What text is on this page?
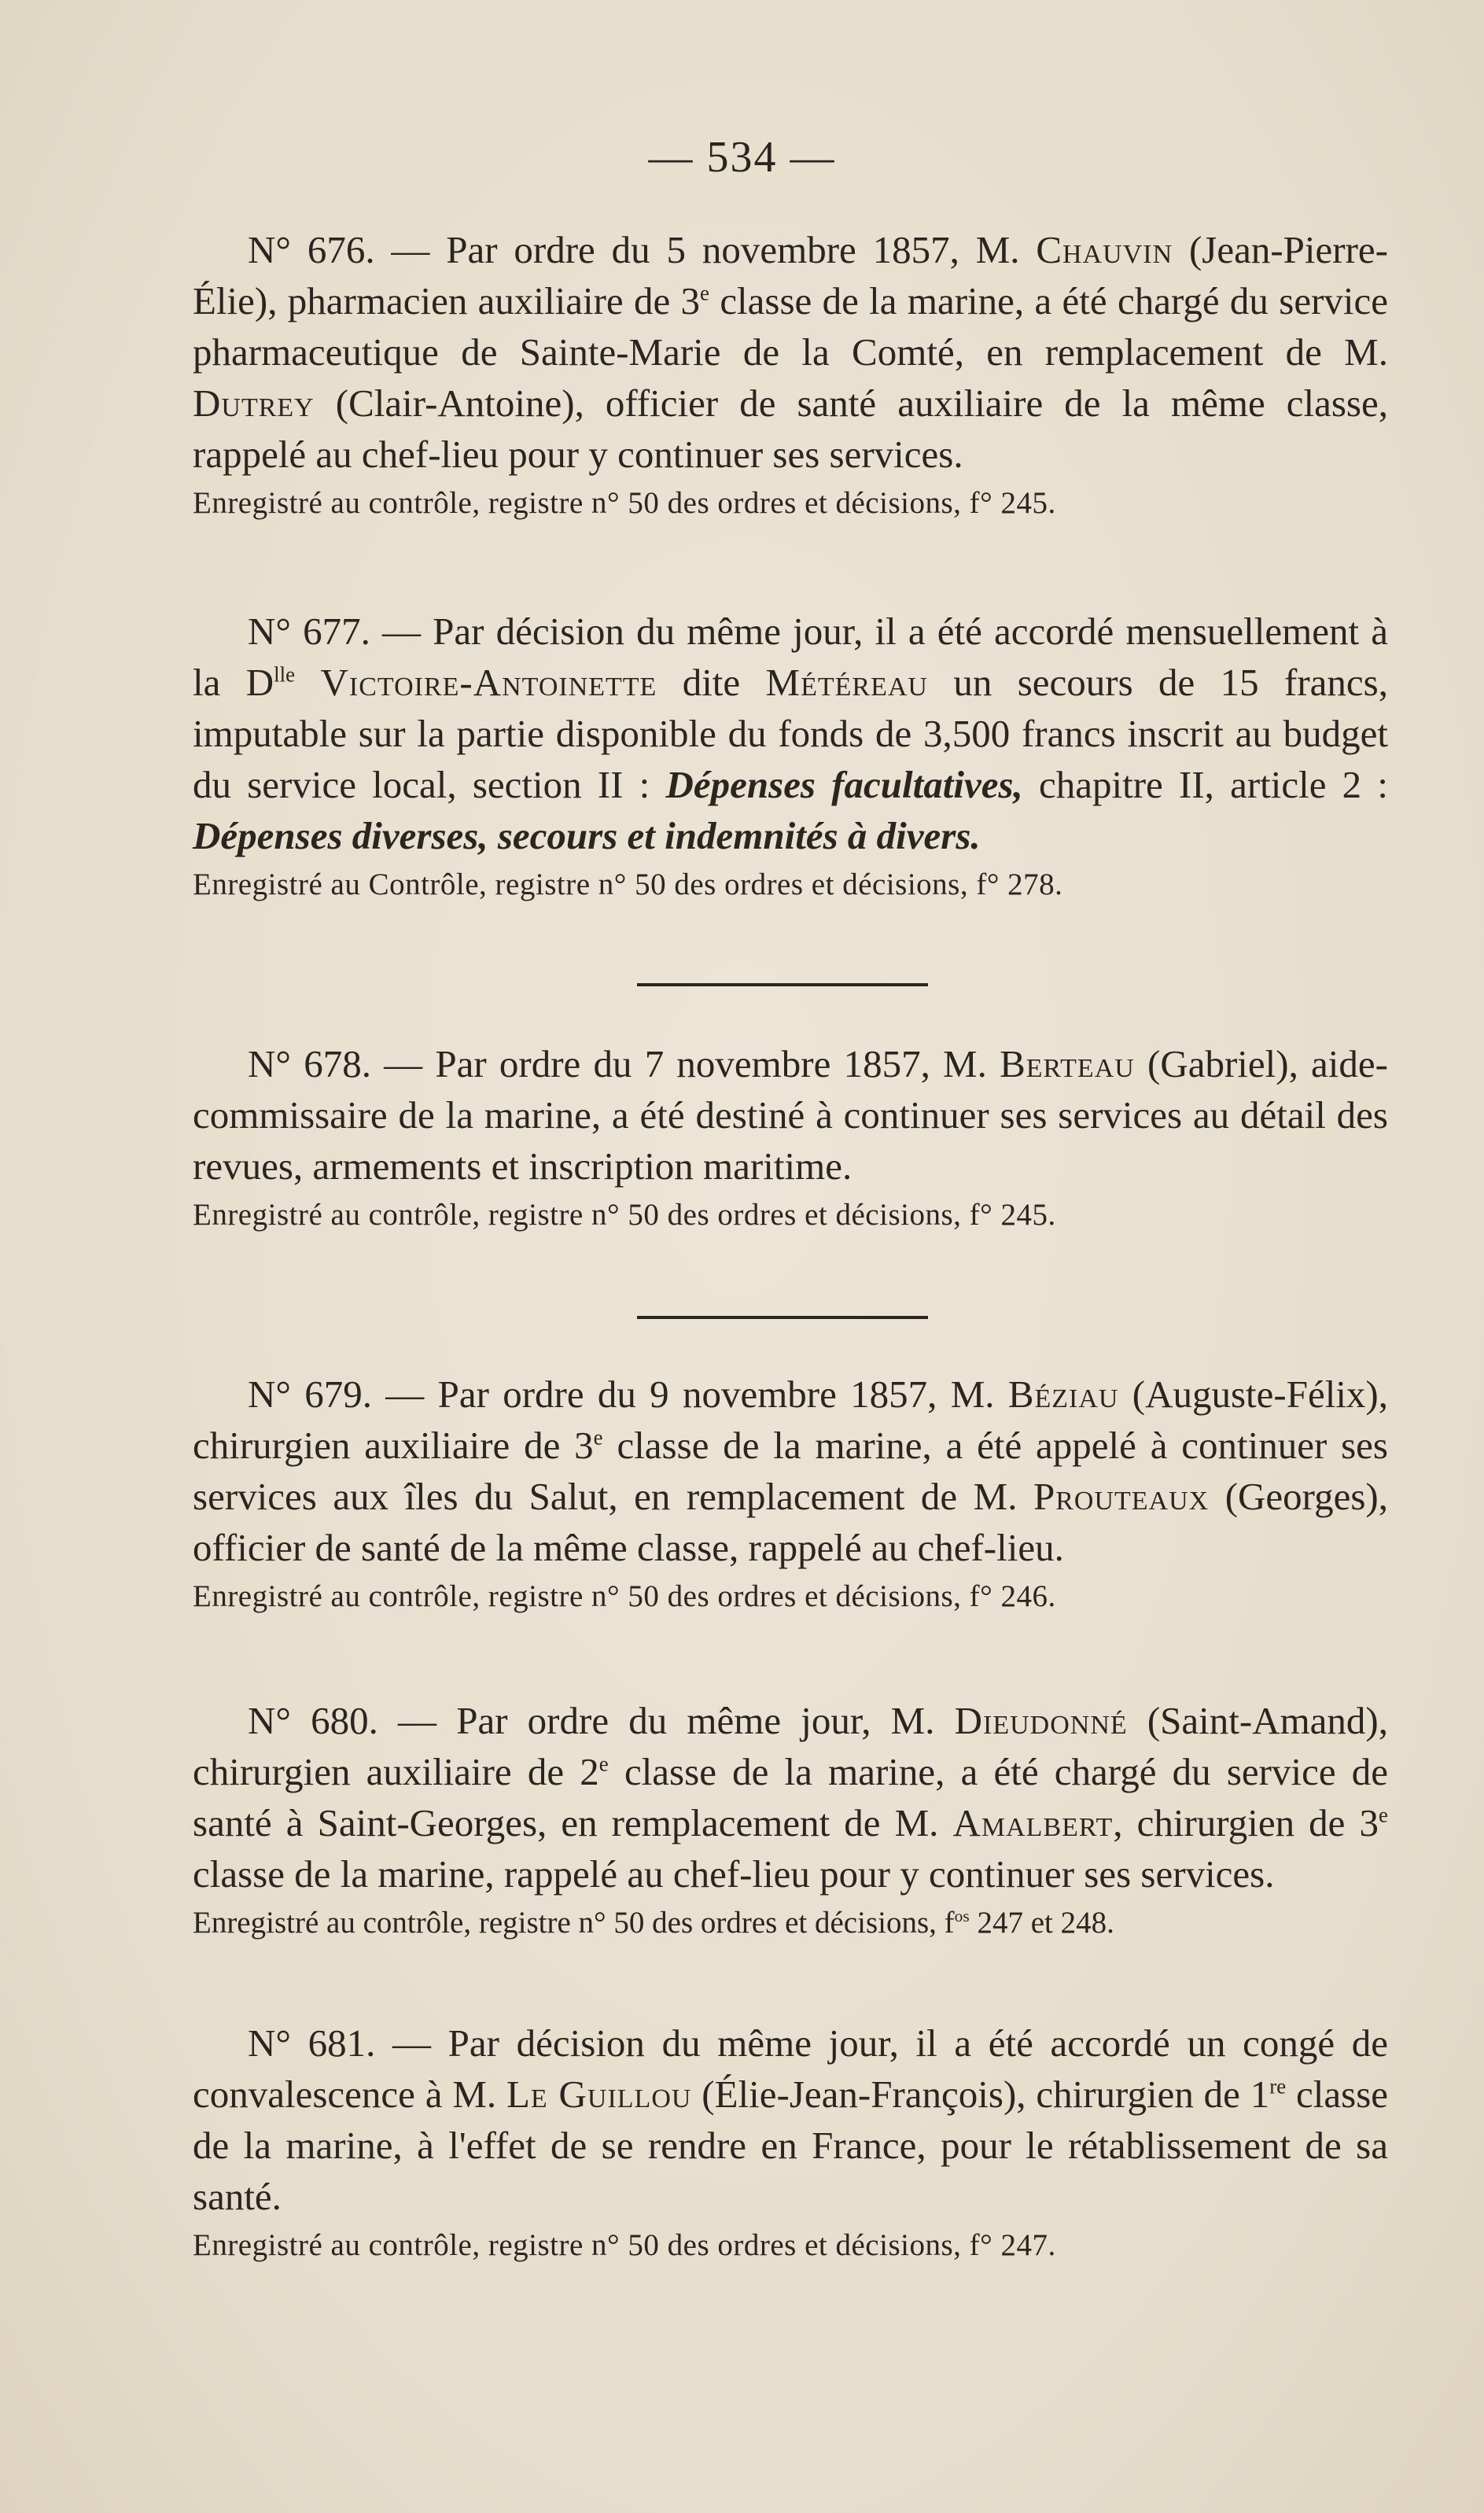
— 534 —

N° 676. — Par ordre du 5 novembre 1857, M. Chauvin (Jean-Pierre-Élie), pharmacien auxiliaire de 3e classe de la marine, a été chargé du service pharmaceutique de Sainte-Marie de la Comté, en remplacement de M. Dutrey (Clair-Antoine), officier de santé auxiliaire de la même classe, rappelé au chef-lieu pour y continuer ses services.

Enregistré au contrôle, registre n° 50 des ordres et décisions, f° 245.

N° 677. — Par décision du même jour, il a été accordé mensuellement à la $D^{lle}$ Victoire-Antoinette dite Météreau un secours de 15 francs, imputable sur la partie disponible du fonds de 3,500 francs inscrit au budget du service local, section II : Dépenses facultatives, chapitre II, article 2 : Dépenses diverses, secours et indemnités à divers.

Enregistré au Contrôle, registre n° 50 des ordres et décisions, f° 278.

N° 678. — Par ordre du 7 novembre 1857, M. Berteau (Gabriel), aide-commissaire de la marine, a été destiné à continuer ses services au détail des revues, armements et inscription maritime.

Enregistré au contrôle, registre n° 50 des ordres et décisions, f° 245.

N° 679. — Par ordre du 9 novembre 1857, M. Béziau (Auguste-Félix), chirurgien auxiliaire de 3e classe de la marine, a été appelé à continuer ses services aux îles du Salut, en remplacement de M. Prouteaux (Georges), officier de santé de la même classe, rappelé au chef-lieu.

Enregistré au contrôle, registre n° 50 des ordres et décisions, f° 246.

N° 680. — Par ordre du même jour, M. Dieudonné (Saint-Amand), chirurgien auxiliaire de 2e classe de la marine, a été chargé du service de santé à Saint-Georges, en remplacement de M. Amalbert, chirurgien de 3e classe de la marine, rappelé au chef-lieu pour y continuer ses services.

Enregistré au contrôle, registre n° 50 des ordres et décisions, $f^{os}$ 247 et 248.

N° 681. — Par décision du même jour, il a été accordé un congé de convalescence à M. Le Guillou (Élie-Jean-François), chirurgien de 1re classe de la marine, à l'effet de se rendre en France, pour le rétablissement de sa santé.

Enregistré au contrôle, registre n° 50 des ordres et décisions, f° 247.
